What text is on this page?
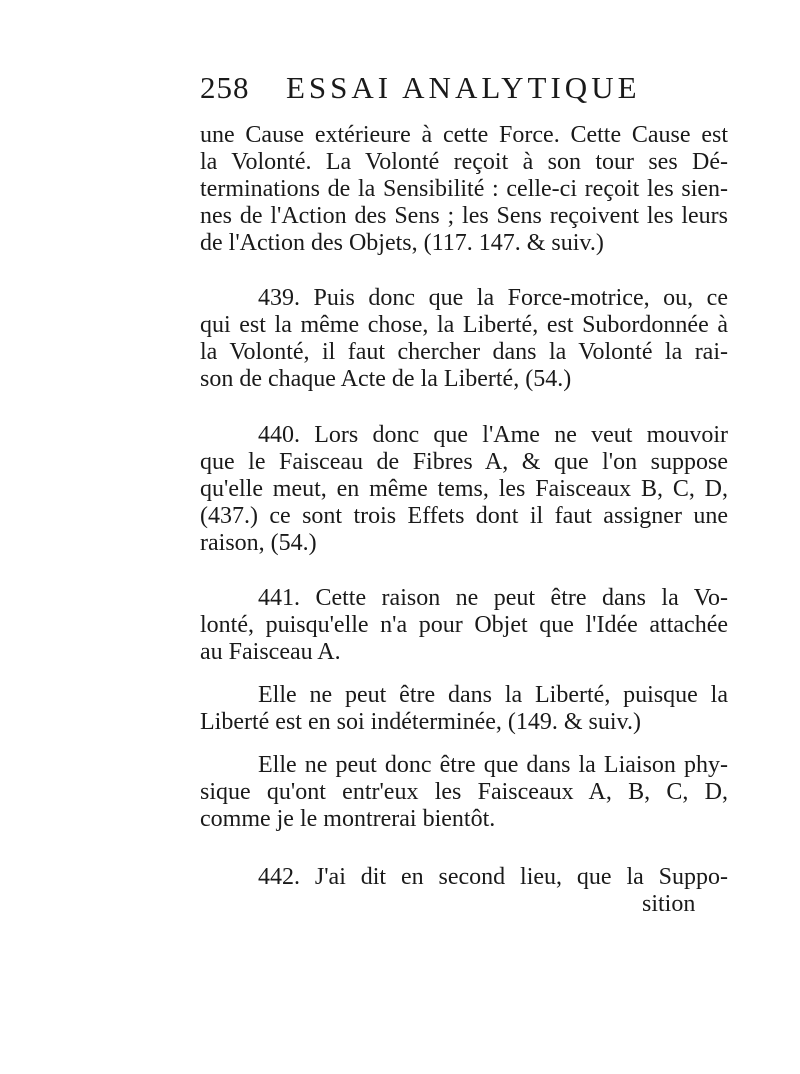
258 ESSAI ANALYTIQUE
une Cause extérieure à cette Force. Cette Cause est
la Volonté. La Volonté reçoit à son tour ses Dé-
terminations de la Sensibilité : celle-ci reçoit les sien-
nes de l'Action des Sens ; les Sens reçoivent les leurs
de l'Action des Objets, (117. 147. & suiv.)
439. Puis donc que la Force-motrice, ou, ce
qui est la même chose, la Liberté, est Subordonnée à
la Volonté, il faut chercher dans la Volonté la rai-
son de chaque Acte de la Liberté, (54.)
440. Lors donc que l'Ame ne veut mouvoir
que le Faisceau de Fibres A, & que l'on suppose
qu'elle meut, en même tems, les Faisceaux B, C, D,
(437.) ce sont trois Effets dont il faut assigner une
raison, (54.)
441. Cette raison ne peut être dans la Vo-
lonté, puisqu'elle n'a pour Objet que l'Idée attachée
au Faisceau A.
Elle ne peut être dans la Liberté, puisque la
Liberté est en soi indéterminée, (149. & suiv.)
Elle ne peut donc être que dans la Liaison phy-
sique qu'ont entr'eux les Faisceaux A, B, C, D,
comme je le montrerai bientôt.
442. J'ai dit en second lieu, que la Suppo-
sition
